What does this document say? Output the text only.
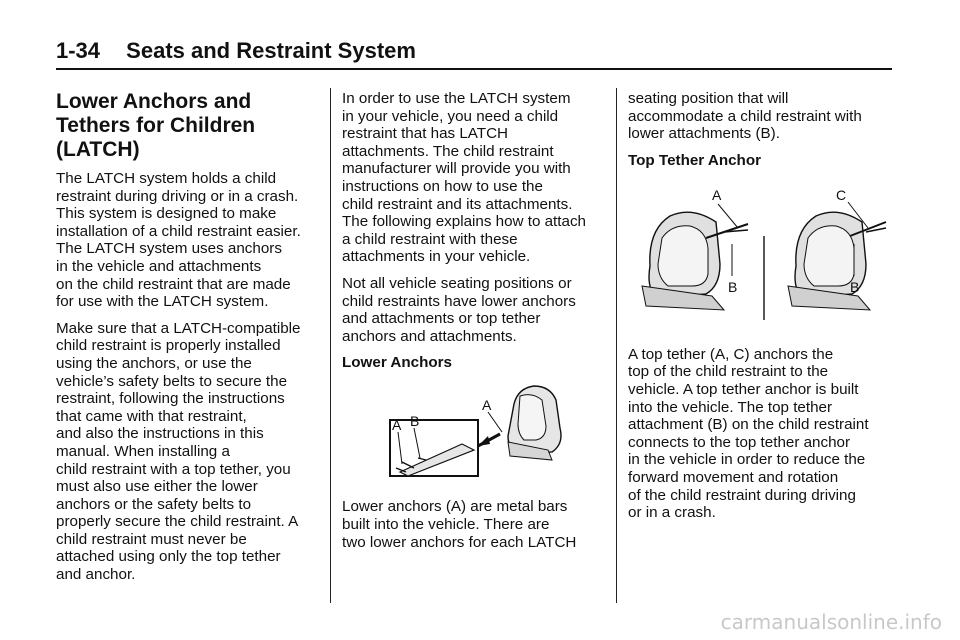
1-34 Seats and Restraint System
Lower Anchors and
Tethers for Children
(LATCH)

The LATCH system holds a child
restraint during driving or in a crash.
This system is designed to make
installation of a child restraint easier.
The LATCH system uses anchors
in the vehicle and attachments
on the child restraint that are made
for use with the LATCH system.

Make sure that a LATCH-compatible
child restraint is properly installed
using the anchors, or use the
vehicle’s safety belts to secure the
restraint, following the instructions
that came with that restraint,
and also the instructions in this
manual. When installing a
child restraint with a top tether, you
must also use either the lower
anchors or the safety belts to
properly secure the child restraint. A
child restraint must never be
attached using only the top tether
and anchor.

In order to use the LATCH system
in your vehicle, you need a child
restraint that has LATCH
attachments. The child restraint
manufacturer will provide you with
instructions on how to use the
child restraint and its attachments.
The following explains how to attach
a child restraint with these
attachments in your vehicle.

Not all vehicle seating positions or
child restraints have lower anchors
and attachments or top tether
anchors and attachments.

Lower Anchors
A B
A

Lower anchors (A) are metal bars
built into the vehicle. There are
two lower anchors for each LATCH

seating position that will
accommodate a child restraint with
lower attachments (B).

Top Tether Anchor
A
B
C
B

A top tether (A, C) anchors the
top of the child restraint to the
vehicle. A top tether anchor is built
into the vehicle. The top tether
attachment (B) on the child restraint
connects to the top tether anchor
in the vehicle in order to reduce the
forward movement and rotation
of the child restraint during driving
or in a crash.

carmanualsonline.info
